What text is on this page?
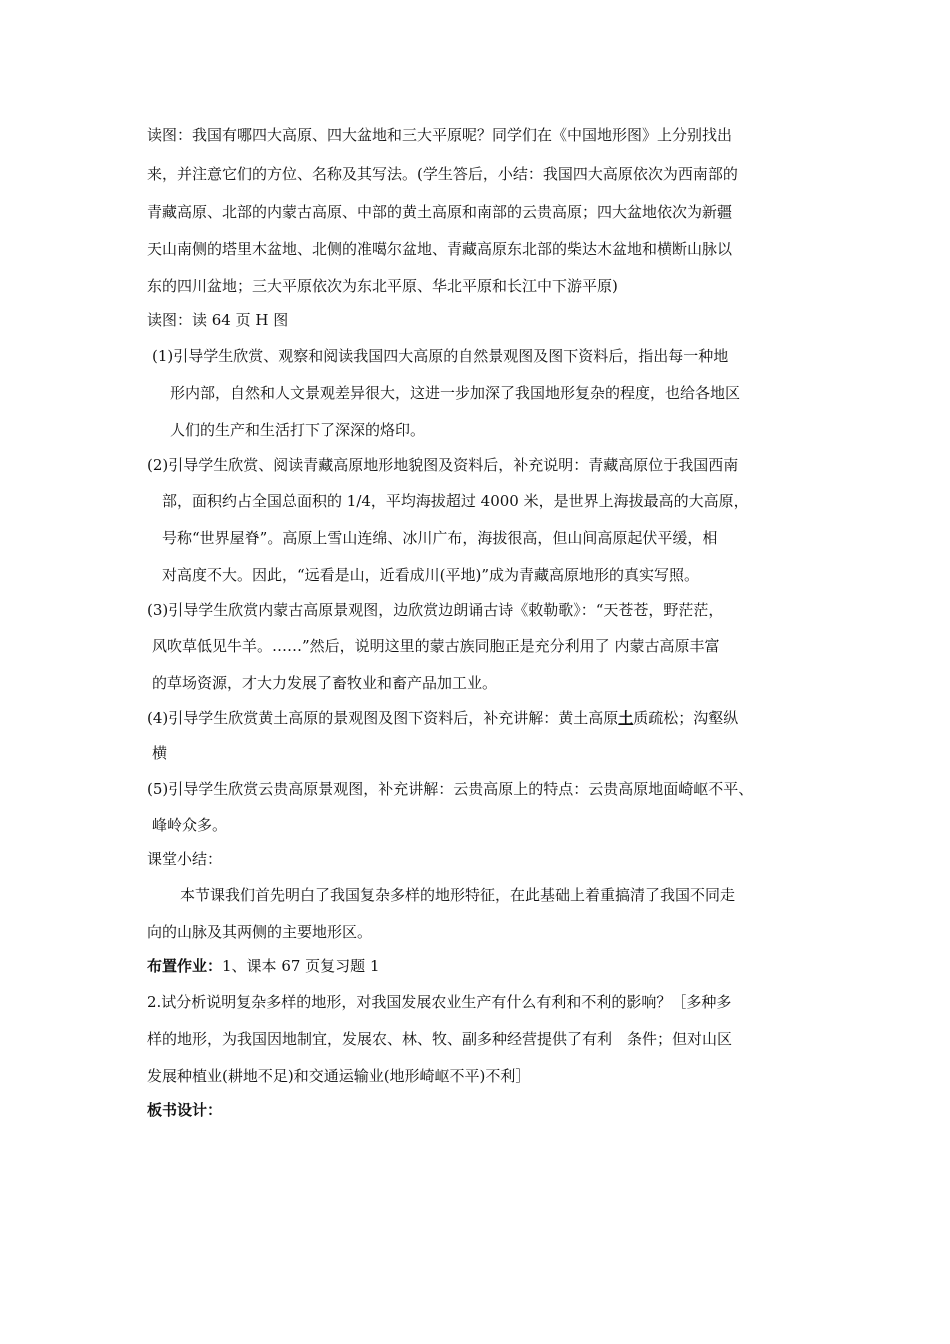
读图：我国有哪四大高原、四大盆地和三大平原呢？同学们在《中国地形图》上分别找出
来，并注意它们的方位、名称及其写法。(学生答后，小结：我国四大高原依次为西南部的
青藏高原、北部的内蒙古高原、中部的黄土高原和南部的云贵高原；四大盆地依次为新疆
天山南侧的塔里木盆地、北侧的准噶尔盆地、青藏高原东北部的柴达木盆地和横断山脉以
东的四川盆地；三大平原依次为东北平原、华北平原和长江中下游平原)
读图：读 64 页 H 图
(1)引导学生欣赏、观察和阅读我国四大高原的自然景观图及图下资料后，指出每一种地
形内部，自然和人文景观差异很大，这进一步加深了我国地形复杂的程度，也给各地区
人们的生产和生活打下了深深的烙印。
(2)引导学生欣赏、阅读青藏高原地形地貌图及资料后，补充说明：青藏高原位于我国西南
部，面积约占全国总面积的 1/4，平均海拔超过 4000 米，是世界上海拔最高的大高原，
号称“世界屋脊”。高原上雪山连绵、冰川广布，海拔很高，但山间高原起伏平缓，相
对高度不大。因此，“远看是山，近看成川(平地)”成为青藏高原地形的真实写照。
(3)引导学生欣赏内蒙古高原景观图，边欣赏边朗诵古诗《敕勒歌》：“天苍苍，野茫茫，
风吹草低见牛羊。……”然后，说明这里的蒙古族同胞正是充分利用了 内蒙古高原丰富
的草场资源，才大力发展了畜牧业和畜产品加工业。
(4)引导学生欣赏黄土高原的景观图及图下资料后，补充讲解：黄土高原土质疏松；沟壑纵
横
(5)引导学生欣赏云贵高原景观图，补充讲解：云贵高原上的特点：云贵高原地面崎岖不平、
峰岭众多。
课堂小结：
本节课我们首先明白了我国复杂多样的地形特征，在此基础上着重搞清了我国不同走
向的山脉及其两侧的主要地形区。
布置作业：1、课本 67 页复习题 1
2.试分析说明复杂多样的地形，对我国发展农业生产有什么有利和不利的影响？［多种多
样的地形，为我国因地制宜，发展农、林、牧、副多种经营提供了有利　条件；但对山区
发展种植业(耕地不足)和交通运输业(地形崎岖不平)不利］
板书设计：
